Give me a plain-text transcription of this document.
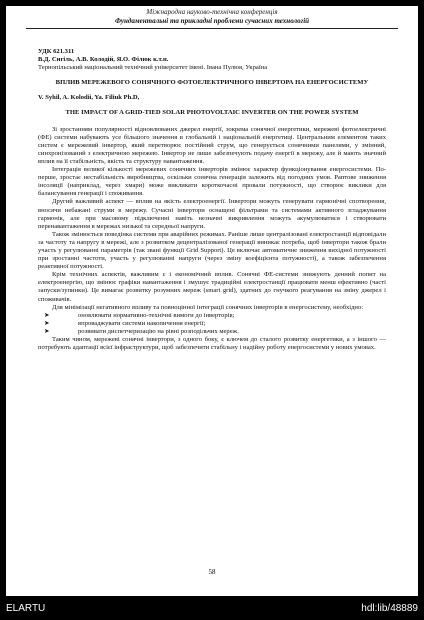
Міжнародна науково-технічна конференція
Фундаментальні та прикладні проблеми сучасних технологій

УДК 621.311

В.Д. Сигіль, А.В. Колодій, Я.О. Філюк к.т.н.

Тернопільський національний технічний університет імені. Івана Пулюя, Україна

ВПЛИВ МЕРЕЖЕВОГО СОНЯЧНОГО ФОТОЕЛЕКТРИЧНОГО ІНВЕРТОРА НА ЕНЕРГОСИСТЕМУ

V. Syhil, A. Kolodii, Ya. Filiuk Ph.D,

THE IMPACT OF A GRID-TIED SOLAR PHOTOVOLTAIC INVERTER ON THE POWER SYSTEM

Зі зростанням популярності відновлюваних джерел енергії, зокрема сонячної енергетики, мережеві фотоелектричні (ФЕ) системи набувають усе більшого значення в глобальній і національній енергетиці. Центральним елементом таких систем є мережевий інвертор, який перетворює постійний струм, що генерується сонячними панелями, у змінний, синхронізований з електричною мережею. Інвертор не лише забезпечують подачу енергії в мережу, але й мають значний вплив на її стабільність, якість та структуру навантаження.

Інтеграція великої кількості мережевих сонячних інверторів змінює характер функціонування енергосистеми. По-перше, зростає нестабільність виробництва, оскільки сонячна генерація залежить від погодних умов. Раптове зниження інсоляції (наприклад, через хмари) може викликати короткочасні провали потужності, що створює виклики для балансування генерації і споживання.

Другий важливий аспект — вплив на якість електроенергії. Інвертори можуть генерувати гармонічні спотворення, вносячи небажані струми в мережу. Сучасні інвертори оснащені фільтрами та системами активного згладжування гармонік, але при масовому підключенні навіть незначні викривлення можуть акумулюватися і створювати перенавантаження в мережах низької та середньої напруги.

Також змінюється поведінка системи при аварійних режимах. Раніше лише централізовані електростанції відповідали за частоту та напругу в мережі, але з розвитком децентралізованої генерації виникає потреба, щоб інвертори також брали участь у регулюванні параметрів (так звані функції Grid Support). Це включає автоматичне зниження вихідної потужності при зростанні частоти, участь у регулюванні напруги (через зміну коефіцієнта потужності), а також забезпечення реактивної потужності.

Крім технічних аспектів, важливим є і економічний вплив. Сонячні ФЕ-системи знижують денний попит на електроенергію, що змінює графіки навантаження і змушує традиційні електростанції працювати менш ефективно (часті запуски/зупинки). Це вимагає розвитку розумних мереж (smart grid), здатних до гнучкого реагування на зміну джерел і споживачів.

Для мінімізації негативного впливу та повноцінної інтеграції сонячних інверторів в енергосистему, необхідно:

➤	оновлювати нормативно-технічні вимоги до інверторів;
➤	впроваджувати системи накопичення енергії;
➤	розвивати диспетчеризацію на рівні розподільчих мереж.

Таким чином, мережеві сонячні інвертори, з одного боку, є ключем до сталого розвитку енергетики, а з іншого — потребують адаптації всієї інфраструктури, щоб забезпечити стабільну і надійну роботу енергосистеми у нових умовах.

58
ELARTU	hdl:lib/48889
